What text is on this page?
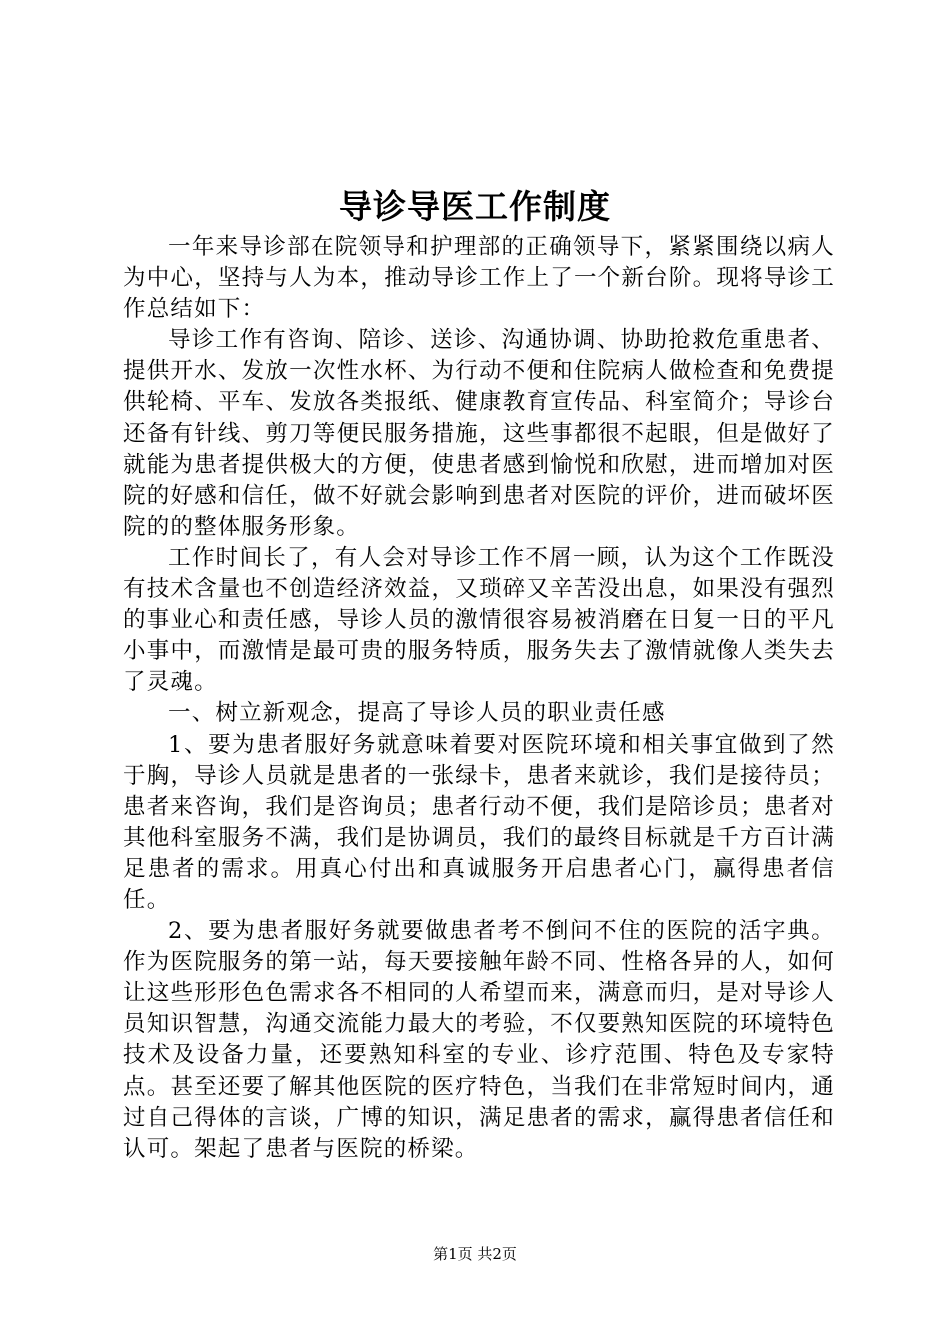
导诊导医工作制度

一年来导诊部在院领导和护理部的正确领导下，紧紧围绕以病人为中心，坚持与人为本，推动导诊工作上了一个新台阶。现将导诊工作总结如下：

导诊工作有咨询、陪诊、送诊、沟通协调、协助抢救危重患者、提供开水、发放一次性水杯、为行动不便和住院病人做检查和免费提供轮椅、平车、发放各类报纸、健康教育宣传品、科室简介；导诊台还备有针线、剪刀等便民服务措施，这些事都很不起眼，但是做好了就能为患者提供极大的方便，使患者感到愉悦和欣慰，进而增加对医院的好感和信任，做不好就会影响到患者对医院的评价，进而破坏医院的的整体服务形象。

工作时间长了，有人会对导诊工作不屑一顾，认为这个工作既没有技术含量也不创造经济效益，又琐碎又辛苦没出息，如果没有强烈的事业心和责任感，导诊人员的激情很容易被消磨在日复一日的平凡小事中，而激情是最可贵的服务特质，服务失去了激情就像人类失去了灵魂。

一、树立新观念，提高了导诊人员的职业责任感

1、要为患者服好务就意味着要对医院环境和相关事宜做到了然于胸，导诊人员就是患者的一张绿卡，患者来就诊，我们是接待员；患者来咨询，我们是咨询员；患者行动不便，我们是陪诊员；患者对其他科室服务不满，我们是协调员，我们的最终目标就是千方百计满足患者的需求。用真心付出和真诚服务开启患者心门，赢得患者信任。

2、要为患者服好务就要做患者考不倒问不住的医院的活字典。作为医院服务的第一站，每天要接触年龄不同、性格各异的人，如何让这些形形色色需求各不相同的人希望而来，满意而归，是对导诊人员知识智慧，沟通交流能力最大的考验，不仅要熟知医院的环境特色技术及设备力量，还要熟知科室的专业、诊疗范围、特色及专家特点。甚至还要了解其他医院的医疗特色，当我们在非常短时间内，通过自己得体的言谈，广博的知识，满足患者的需求，赢得患者信任和认可。架起了患者与医院的桥梁。

第1页 共2页
